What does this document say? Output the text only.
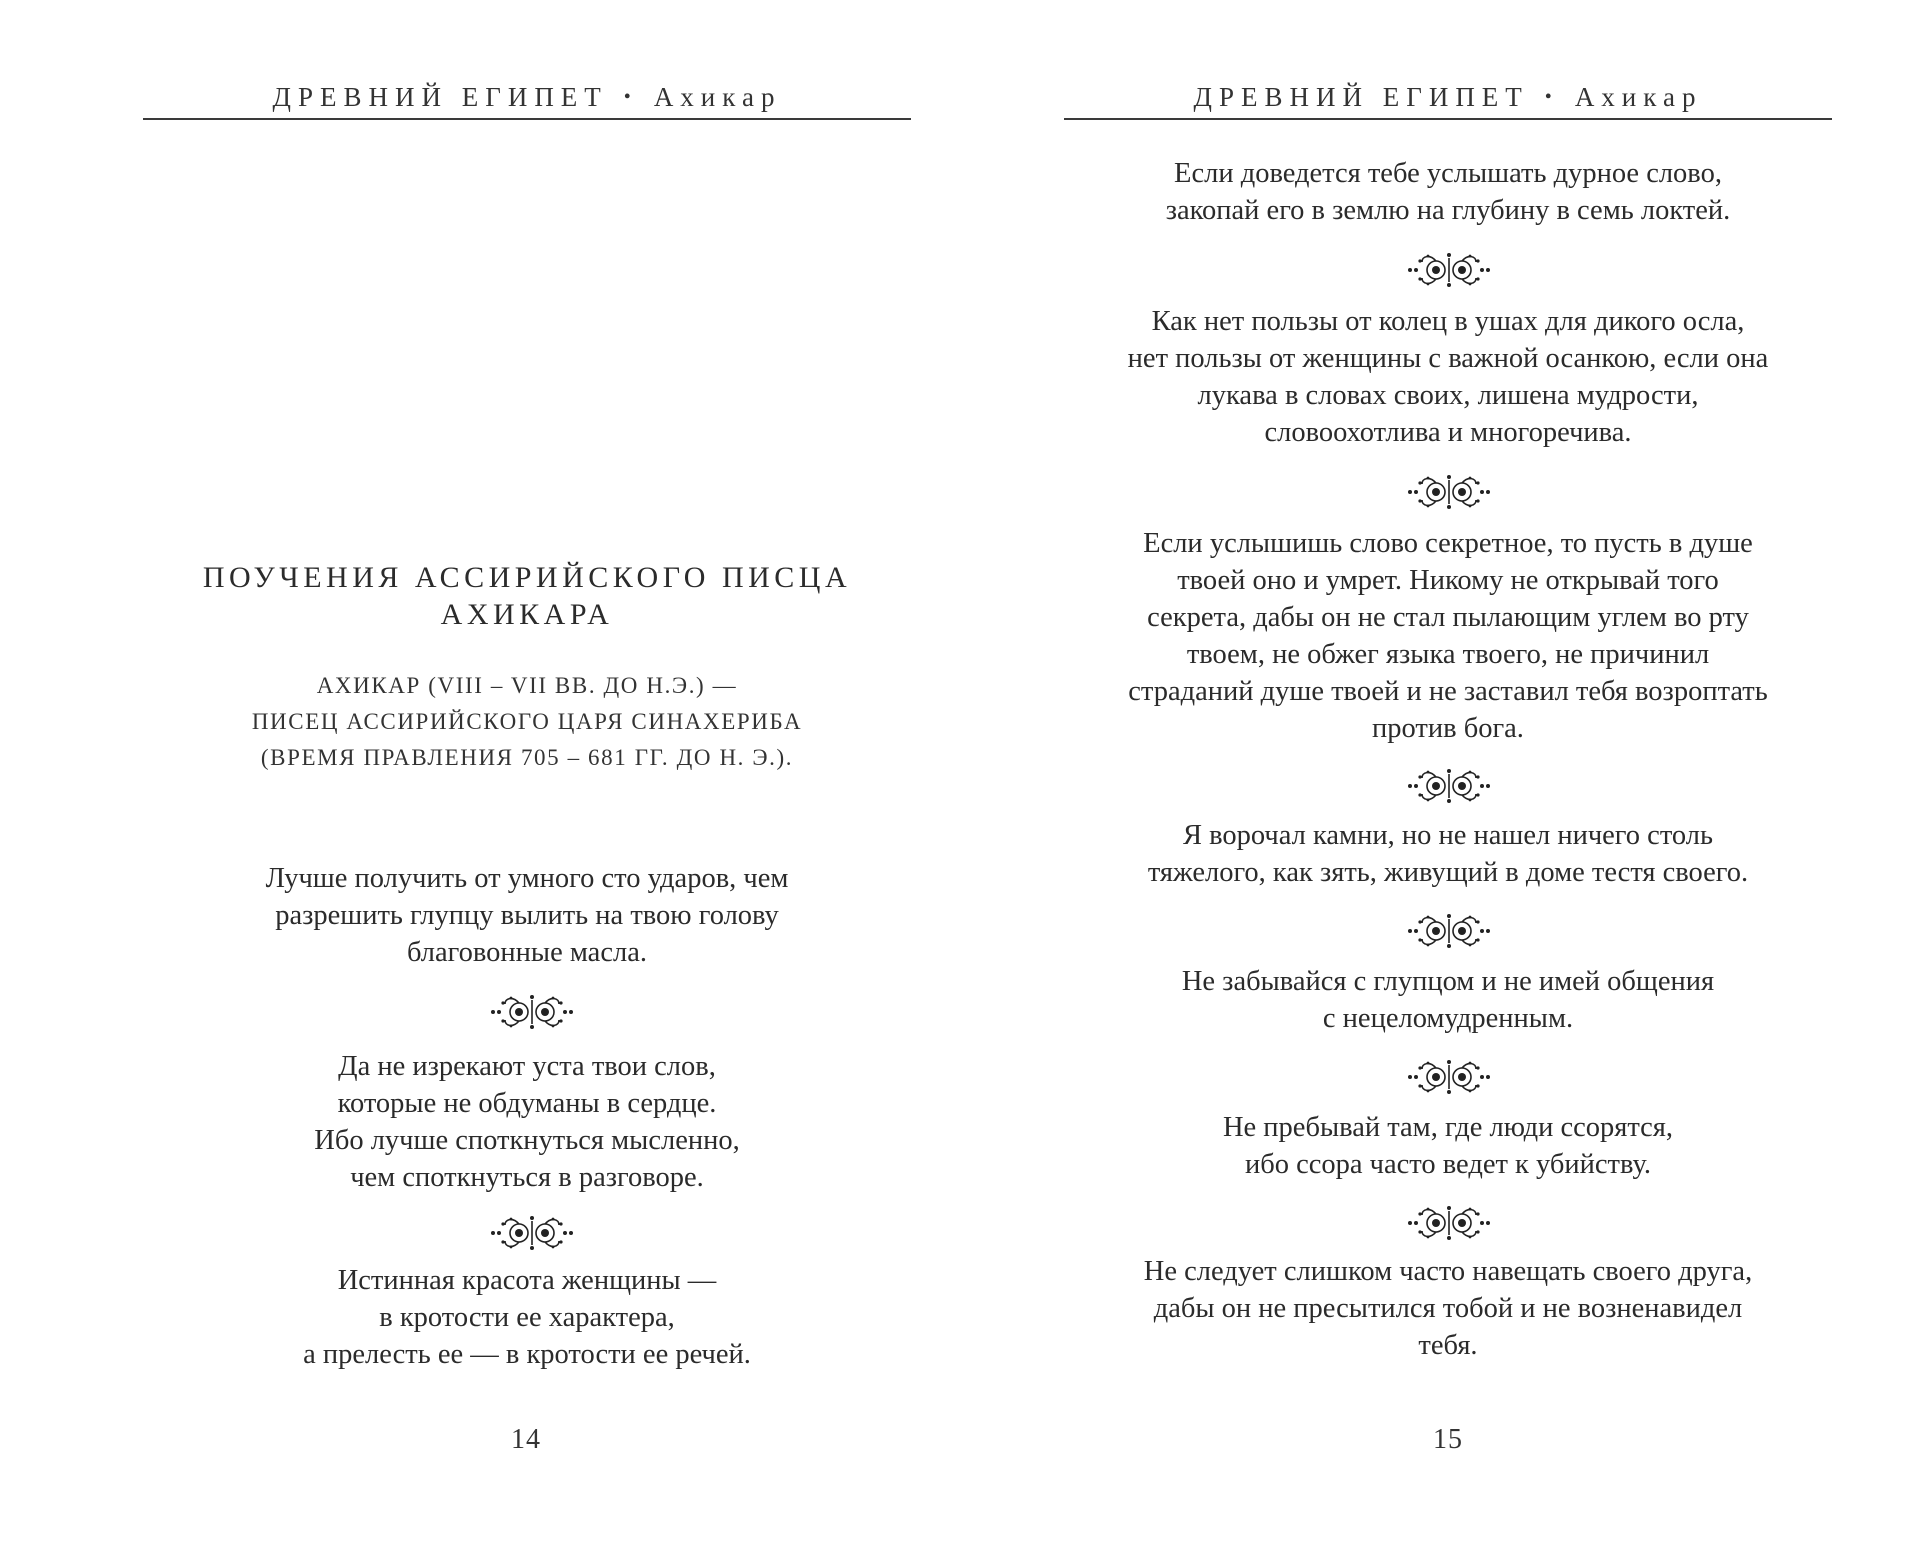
ДРЕВНИЙ ЕГИПЕТ • Ахикар
ПОУЧЕНИЯ АССИРИЙСКОГО ПИСЦА
АХИКАРА
АХИКАР (VIII – VII ВВ. ДО Н.Э.) —
ПИСЕЦ АССИРИЙСКОГО ЦАРЯ СИНАХЕРИБА
(ВРЕМЯ ПРАВЛЕНИЯ 705 – 681 ГГ. ДО Н. Э.).
Лучше получить от умного сто ударов, чем
разрешить глупцу вылить на твою голову
благовонные масла.
Да не изрекают уста твои слов,
которые не обдуманы в сердце.
Ибо лучше споткнуться мысленно,
чем споткнуться в разговоре.
Истинная красота женщины —
в кротости ее характера,
а прелесть ее — в кротости ее речей.
14
ДРЕВНИЙ ЕГИПЕТ • Ахикар
Если доведется тебе услышать дурное слово,
закопай его в землю на глубину в семь локтей.
Как нет пользы от колец в ушах для дикого осла,
нет пользы от женщины с важной осанкою, если она
лукава в словах своих, лишена мудрости,
словоохотлива и многоречива.
Если услышишь слово секретное, то пусть в душе
твоей оно и умрет. Никому не открывай того
секрета, дабы он не стал пылающим углем во рту
твоем, не обжег языка твоего, не причинил
страданий душе твоей и не заставил тебя возроптать
против бога.
Я ворочал камни, но не нашел ничего столь
тяжелого, как зять, живущий в доме тестя своего.
Не забывайся с глупцом и не имей общения
с нецеломудренным.
Не пребывай там, где люди ссорятся,
ибо ссора часто ведет к убийству.
Не следует слишком часто навещать своего друга,
дабы он не пресытился тобой и не возненавидел
тебя.
15
